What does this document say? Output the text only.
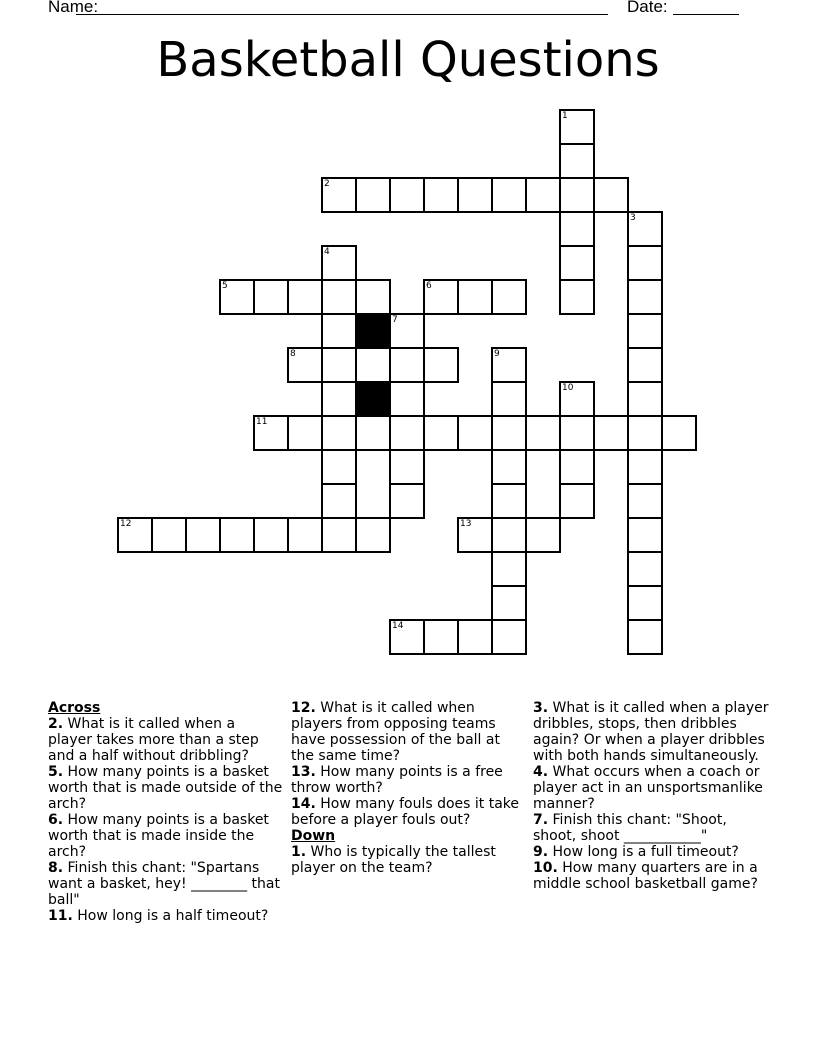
Name:	Date:
Basketball Questions
1
2
3
4
5	6
7
8	9
10
11
12	13
14
Across
2. What is it called when a player takes more than a step and a half without dribbling?
5. How many points is a basket worth that is made outside of the arch?
6. How many points is a basket worth that is made inside the arch?
8. Finish this chant: "Spartans want a basket, hey! ________ that ball"
11. How long is a half timeout?
12. What is it called when players from opposing teams have possession of the ball at the same time?
13. How many points is a free throw worth?
14. How many fouls does it take before a player fouls out?
Down
1. Who is typically the tallest player on the team?
3. What is it called when a player dribbles, stops, then dribbles again? Or when a player dribbles with both hands simultaneously.
4. What occurs when a coach or player act in an unsportsmanlike manner?
7. Finish this chant: "Shoot, shoot, shoot ___________"
9. How long is a full timeout?
10. How many quarters are in a middle school basketball game?
